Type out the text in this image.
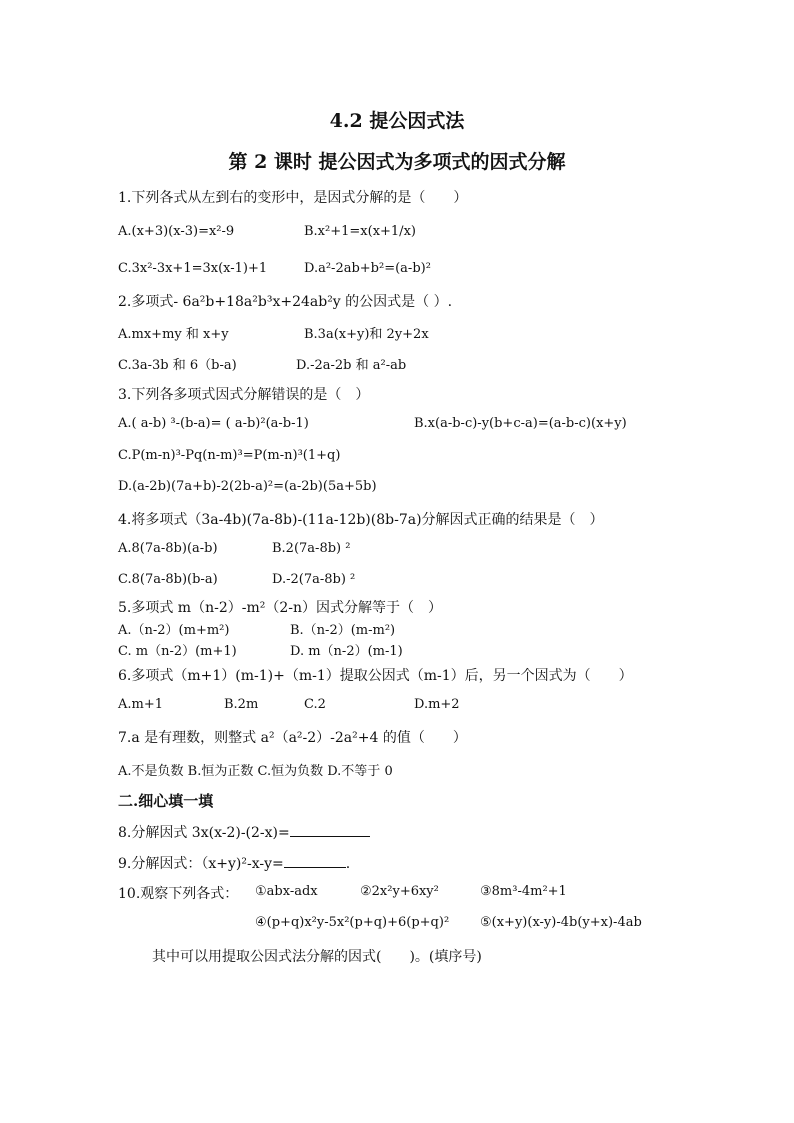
4.2 提公因式法
第 2 课时 提公因式为多项式的因式分解
1.下列各式从左到右的变形中，是因式分解的是（　　）
A.(x+3)(x-3)=x²-9	B.x²+1=x(x+1/x)
C.3x²-3x+1=3x(x-1)+1	D.a²-2ab+b²=(a-b)²
2.多项式- 6a²b+18a²b³x+24ab²y 的公因式是（ ）.
A.mx+my 和 x+y	B.3a(x+y)和 2y+2x
C.3a-3b 和 6（b-a)	D.-2a-2b 和 a²-ab
3.下列各多项式因式分解错误的是（　）
A.( a-b) ³-(b-a)= ( a-b)²(a-b-1)	B.x(a-b-c)-y(b+c-a)=(a-b-c)(x+y)
C.P(m-n)³-Pq(n-m)³=P(m-n)³(1+q)
D.(a-2b)(7a+b)-2(2b-a)²=(a-2b)(5a+5b)
4.将多项式（3a-4b)(7a-8b)-(11a-12b)(8b-7a)分解因式正确的结果是（　）
A.8(7a-8b)(a-b)	B.2(7a-8b) ²
C.8(7a-8b)(b-a)	D.-2(7a-8b) ²
5.多项式 m（n-2）-m²（2-n）因式分解等于（　）
A.（n-2）(m+m²)	B.（n-2）(m-m²)
C. m（n-2）(m+1)	D. m（n-2）(m-1)
6.多项式（m+1）(m-1)+（m-1）提取公因式（m-1）后，另一个因式为（　　）
A.m+1	B.2m	C.2	D.m+2
7.a 是有理数，则整式 a²（a²-2）-2a²+4 的值（　　）
A.不是负数 B.恒为正数 C.恒为负数 D.不等于 0
二.细心填一填
8.分解因式 3x(x-2)-(2-x)=
9.分解因式：（x+y)²-x-y=	.
10.观察下列各式： ①abx-adx	②2x²y+6xy²	③8m³-4m²+1
④(p+q)x²y-5x²(p+q)+6(p+q)² ⑤(x+y)(x-y)-4b(y+x)-4ab
其中可以用提取公因式法分解的因式(　　)。(填序号)
